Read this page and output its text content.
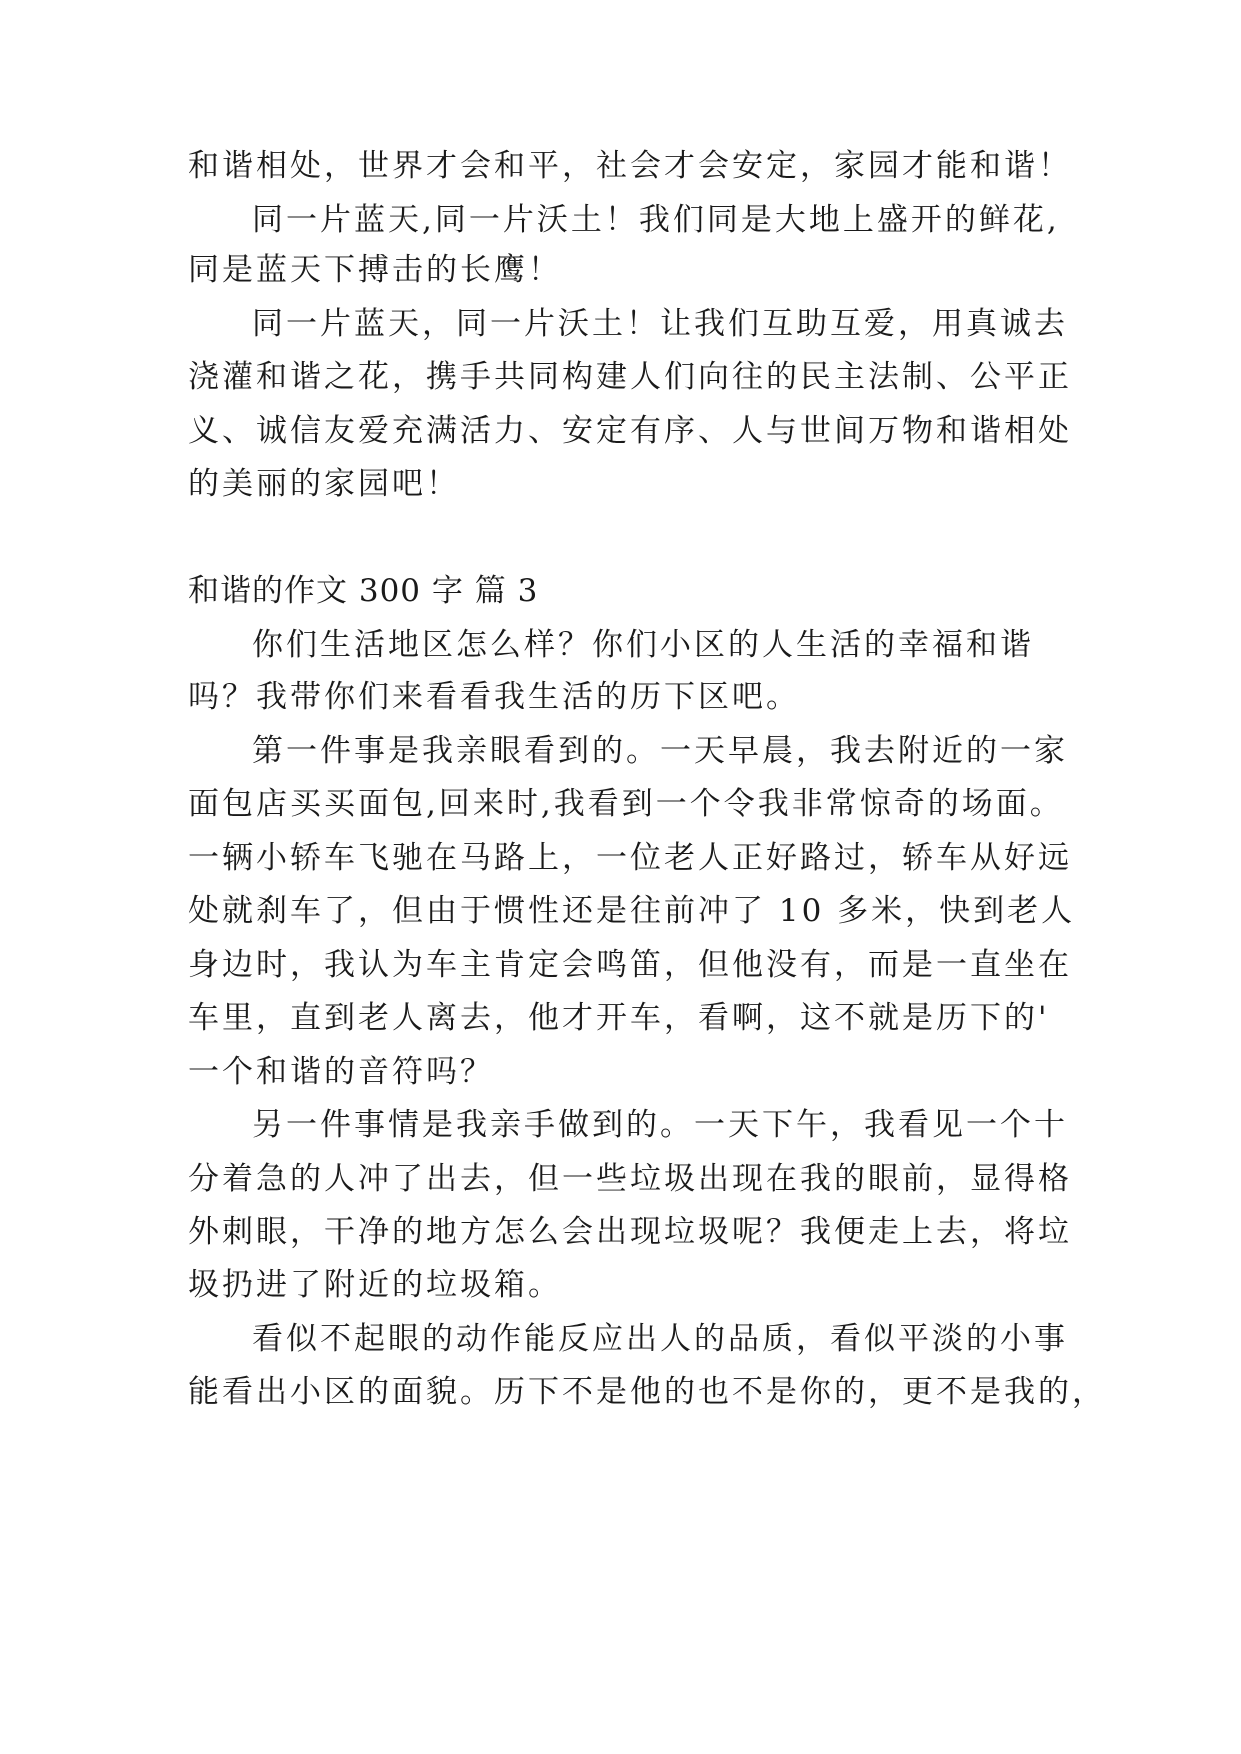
和谐相处，世界才会和平，社会才会安定，家园才能和谐！
同一片蓝天,同一片沃土！我们同是大地上盛开的鲜花,
同是蓝天下搏击的长鹰！
同一片蓝天，同一片沃土！让我们互助互爱，用真诚去
浇灌和谐之花，携手共同构建人们向往的民主法制、公平正
义、诚信友爱充满活力、安定有序、人与世间万物和谐相处
的美丽的家园吧！
和谐的作文 300 字 篇 3
你们生活地区怎么样？你们小区的人生活的幸福和谐
吗？我带你们来看看我生活的历下区吧。
第一件事是我亲眼看到的。一天早晨，我去附近的一家
面包店买买面包,回来时,我看到一个令我非常惊奇的场面。
一辆小轿车飞驰在马路上，一位老人正好路过，轿车从好远
处就刹车了，但由于惯性还是往前冲了 10 多米，快到老人
身边时，我认为车主肯定会鸣笛，但他没有，而是一直坐在
车里，直到老人离去，他才开车，看啊，这不就是历下的'
一个和谐的音符吗？
另一件事情是我亲手做到的。一天下午，我看见一个十
分着急的人冲了出去，但一些垃圾出现在我的眼前，显得格
外刺眼，干净的地方怎么会出现垃圾呢？我便走上去，将垃
圾扔进了附近的垃圾箱。
看似不起眼的动作能反应出人的品质，看似平淡的小事
能看出小区的面貌。历下不是他的也不是你的，更不是我的，
